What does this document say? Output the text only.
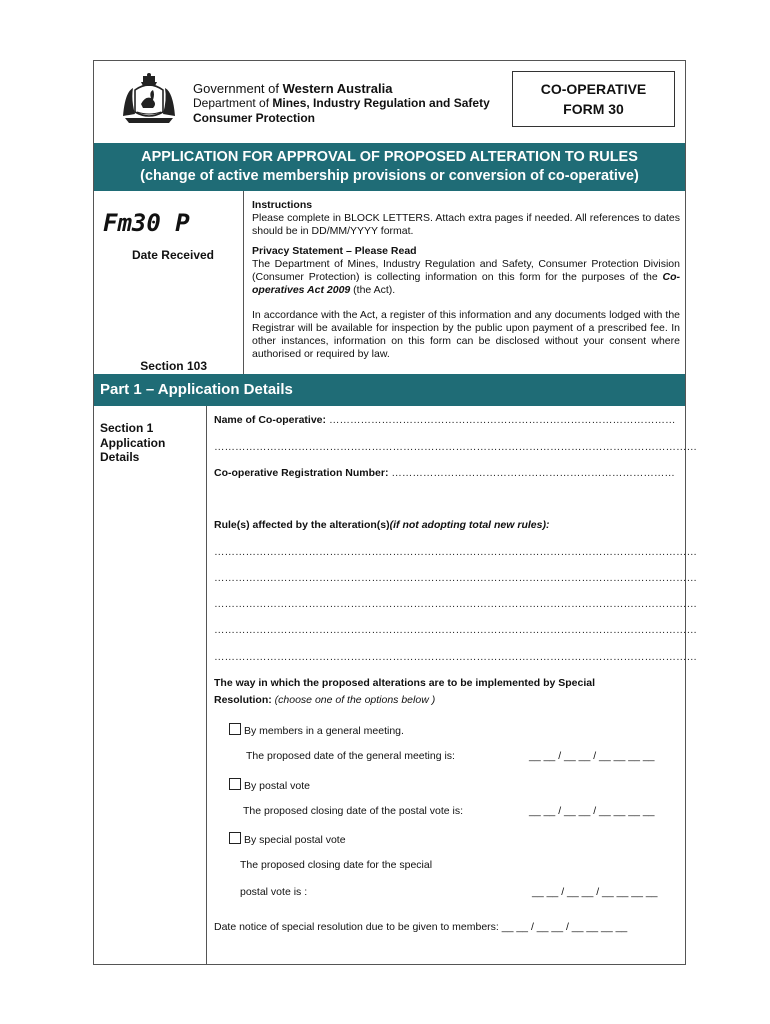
Government of Western Australia
Department of Mines, Industry Regulation and Safety
Consumer Protection
CO-OPERATIVE
FORM 30
APPLICATION FOR APPROVAL OF PROPOSED ALTERATION TO RULES
(change of active membership provisions or conversion of co-operative)
Fm30 P
Date Received
Section 103

Instructions

Please complete in BLOCK LETTERS. Attach extra pages if needed. All references to dates should be in DD/MM/YYYY format.

Privacy Statement – Please Read

The Department of Mines, Industry Regulation and Safety, Consumer Protection Division (Consumer Protection) is collecting information on this form for the purposes of the Co-operatives Act 2009 (the Act).

In accordance with the Act, a register of this information and any documents lodged with the Registrar will be available for inspection by the public upon payment of a prescribed fee. In other instances, information on this form can be disclosed without your consent where authorised or required by law.

Part 1 – Application Details
Section 1
Application
Details
Name of Co-operative: ………………………………………………………………………………………
…………………………………………………………………………………………………………………………
Co-operative Registration Number: ………………………………………………………………………
Rule(s) affected by the alteration(s)(if not adopting total new rules):
…………………………………………………………………………………………………………………………
…………………………………………………………………………………………………………………………
…………………………………………………………………………………………………………………………
…………………………………………………………………………………………………………………………
…………………………………………………………………………………………………………………………
The way in which the proposed alterations are to be implemented by Special
Resolution: (choose one of the options below )
By members in a general meeting.
The proposed date of the general meeting is:	__ __ / __ __ / __ __ __ __
By postal vote
The proposed closing date of the postal vote is:	__ __ / __ __ / __ __ __ __
By special postal vote
The proposed closing date for the special
postal vote is :	__ __ / __ __ / __ __ __ __
Date notice of special resolution due to be given to members: __ __ / __ __ / __ __ __ __
